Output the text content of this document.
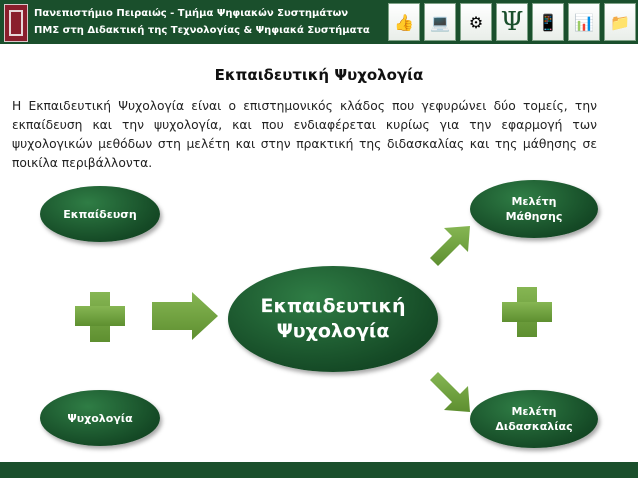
Πανεπιστήμιο Πειραιώς - Τμήμα Ψηφιακών Συστημάτων
ΠΜΣ στη Διδακτική της Τεχνολογίας & Ψηφιακά Συστήματα	👍	💻	⚙ Ψ 📱	📊	📁
Εκπαιδευτική Ψυχολογία
Η Εκπαιδευτική Ψυχολογία είναι ο επιστημονικός κλάδος που γεφυρώνει δύο τομείς, την εκπαίδευση και την ψυχολογία, και που ενδιαφέρεται κυρίως για την εφαρμογή των ψυχολογικών μεθόδων στη μελέτη και στην πρακτική της διδασκαλίας και της μάθησης σε ποικίλα περιβάλλοντα.
Εκπαίδευση
Ψυχολογία
Εκπαιδευτική
Ψυχολογία
Μελέτη
Μάθησης
Μελέτη
Διδασκαλίας
